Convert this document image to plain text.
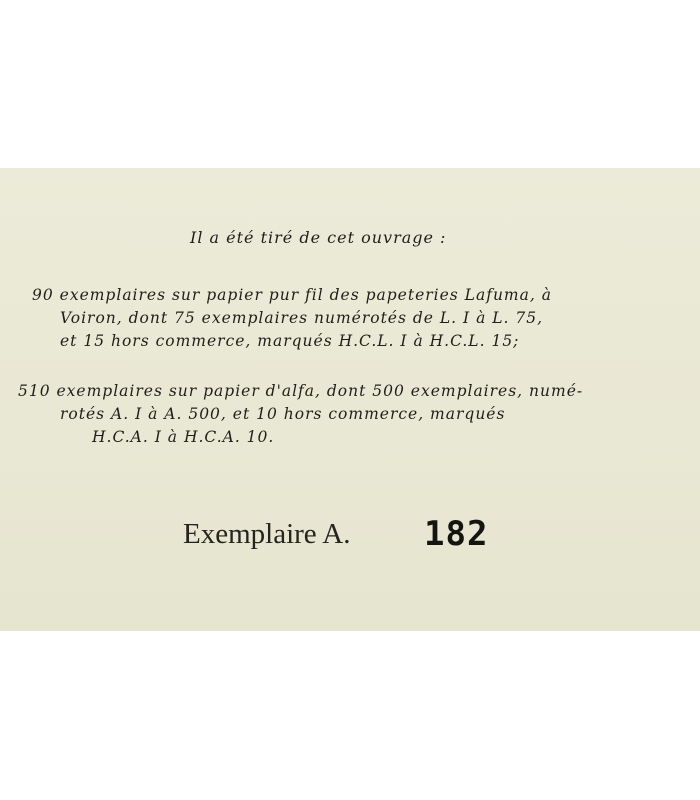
Il a été tiré de cet ouvrage :
90 exemplaires sur papier pur fil des papeteries Lafuma, à
Voiron, dont 75 exemplaires numérotés de L. I à L. 75,
et 15 hors commerce, marqués H.C.L. I à H.C.L. 15;
510 exemplaires sur papier d'alfa, dont 500 exemplaires, numé-
rotés A. I à A. 500, et 10 hors commerce, marqués
H.C.A. I à H.C.A. 10.
Exemplaire A. 182
